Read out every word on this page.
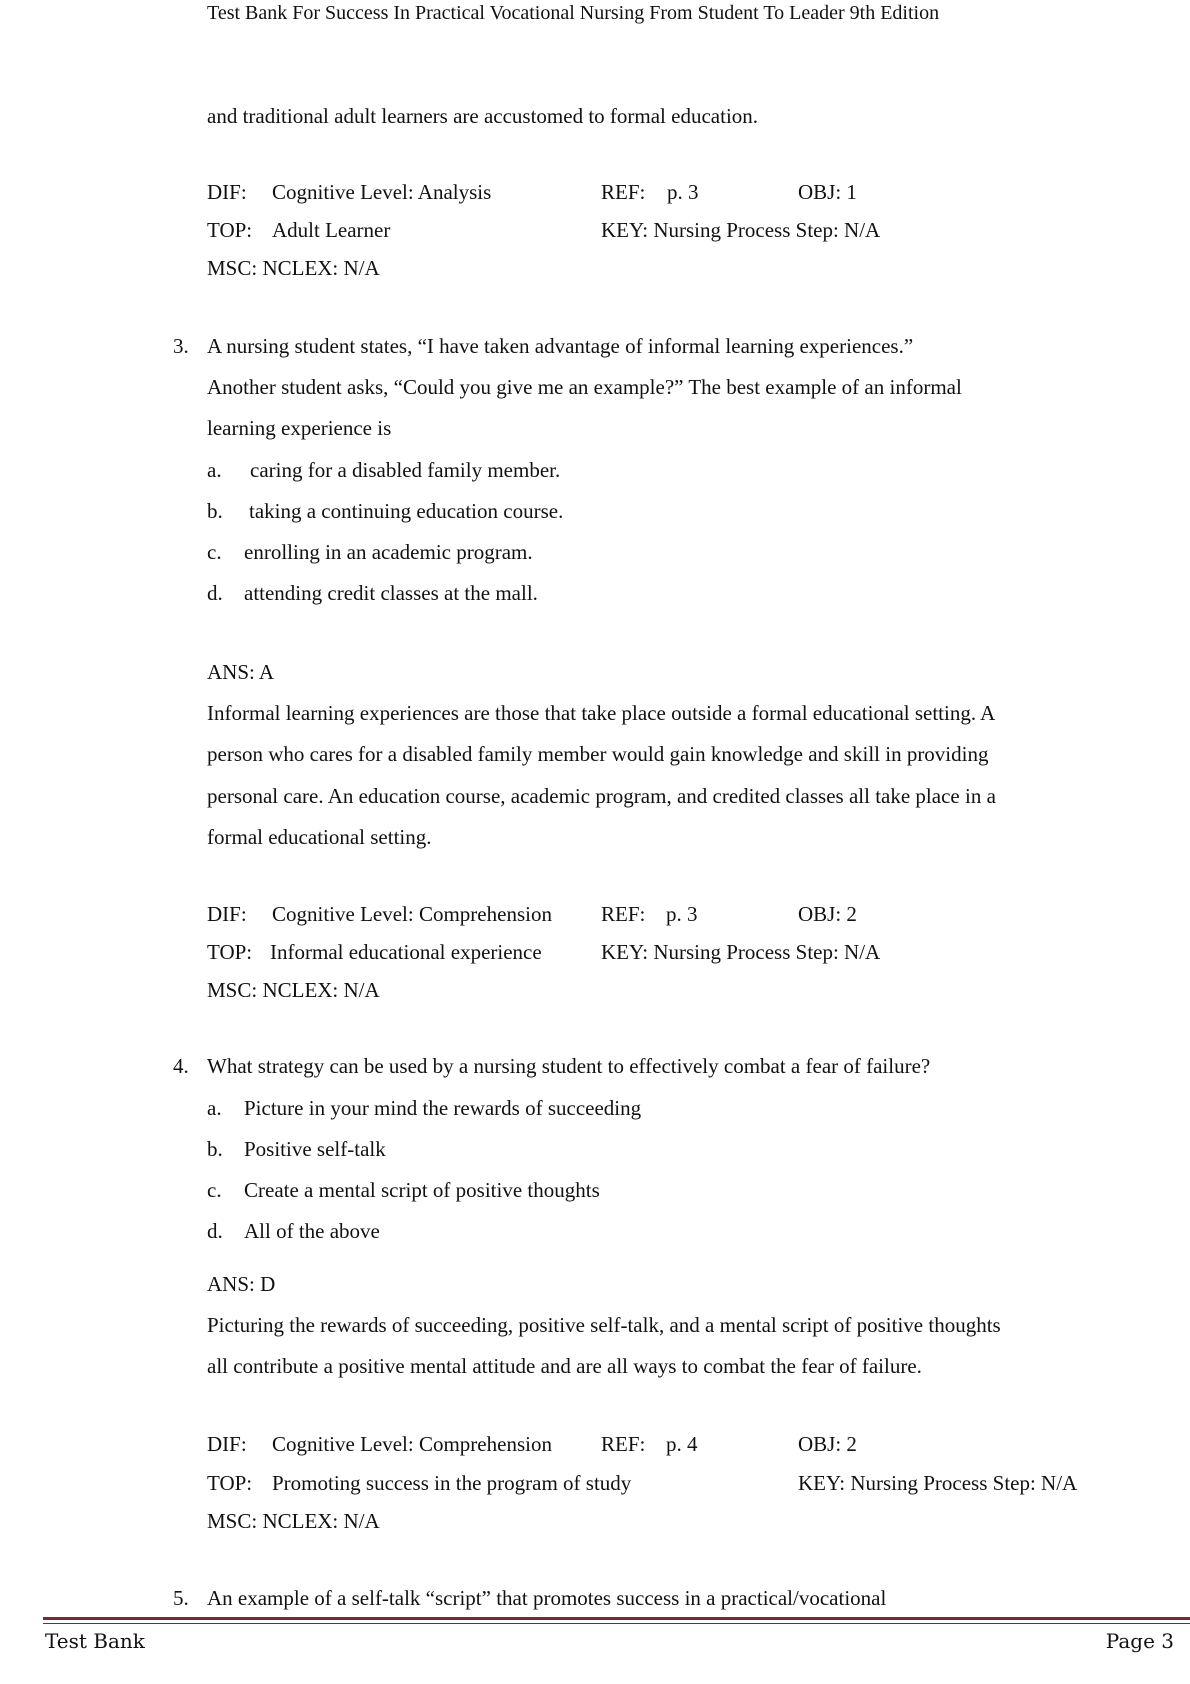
Test Bank For Success In Practical Vocational Nursing From Student To Leader 9th Edition
and traditional adult learners are accustomed to formal education.
DIF: Cognitive Level: Analysis	REF: p. 3	OBJ: 1
TOP: Adult Learner	KEY: Nursing Process Step: N/A
MSC: NCLEX: N/A
3. A nursing student states, “I have taken advantage of informal learning experiences.”
Another student asks, “Could you give me an example?” The best example of an informal
learning experience is
a. caring for a disabled family member.
b. taking a continuing education course.
c. enrolling in an academic program.
d. attending credit classes at the mall.
ANS: A
Informal learning experiences are those that take place outside a formal educational setting. A
person who cares for a disabled family member would gain knowledge and skill in providing
personal care. An education course, academic program, and credited classes all take place in a
formal educational setting.
DIF: Cognitive Level: Comprehension REF: p. 3	OBJ: 2
TOP: Informal educational experience	KEY: Nursing Process Step: N/A
MSC: NCLEX: N/A
4. What strategy can be used by a nursing student to effectively combat a fear of failure?
a. Picture in your mind the rewards of succeeding
b. Positive self-talk
c. Create a mental script of positive thoughts
d. All of the above
ANS: D
Picturing the rewards of succeeding, positive self-talk, and a mental script of positive thoughts
all contribute a positive mental attitude and are all ways to combat the fear of failure.
DIF: Cognitive Level: Comprehension REF: p. 4	OBJ: 2
TOP: Promoting success in the program of study	KEY: Nursing Process Step: N/A
MSC: NCLEX: N/A
5. An example of a self-talk “script” that promotes success in a practical/vocational
Test Bank	Page 3
